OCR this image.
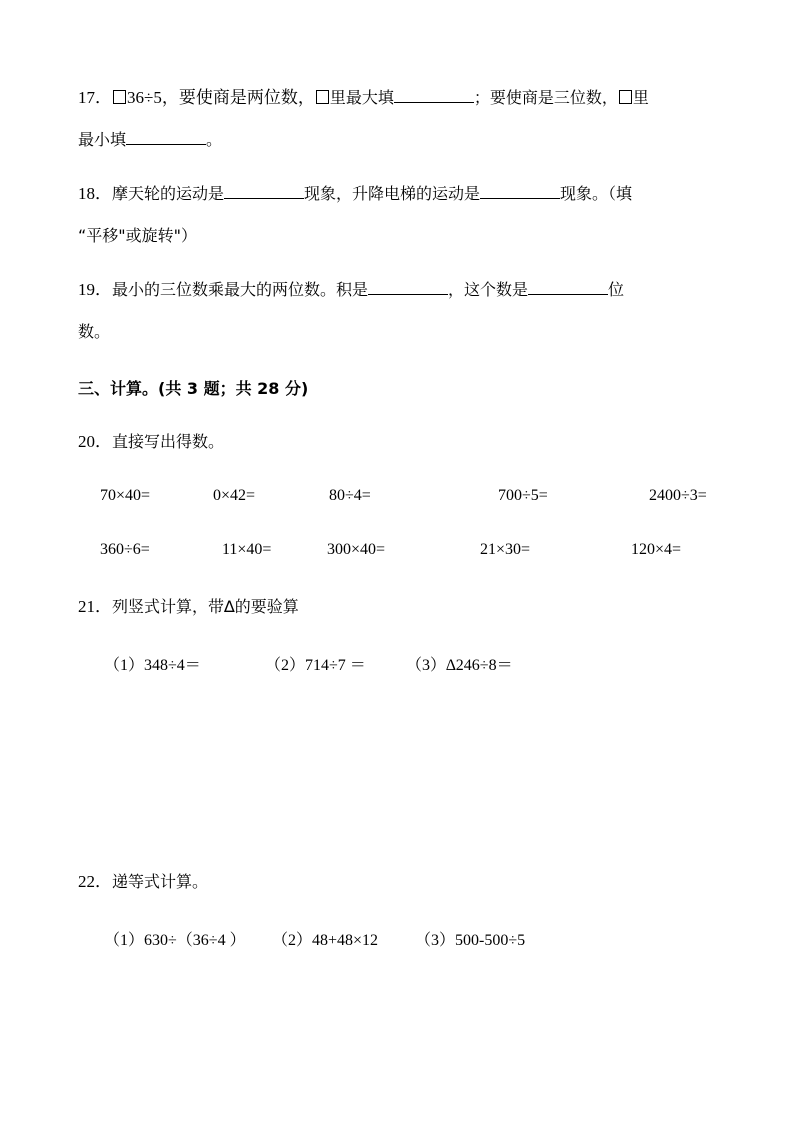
17． 36÷5，要使商是两位数， 里最大填	；要使商是三位数， 里
最小填	。
18．摩天轮的运动是	现象，升降电梯的运动是	现象。（填
“平移"或旋转"）
19．最小的三位数乘最大的两位数。积是	，这个数是	位
数。
三、计算。(共 3 题；共 28 分)
20．直接写出得数。
70×40=	0×42=	80÷4=	700÷5=	2400÷3=
360÷6=	11×40=	300×40=	21×30=	120×4=
21．列竖式计算，带∆的要验算
（1）348÷4＝	（2）714÷7 ＝	（3）∆246÷8＝
22．递等式计算。
（1）630÷（36÷4 ） （2）48+48×12 （3）500-500÷5
